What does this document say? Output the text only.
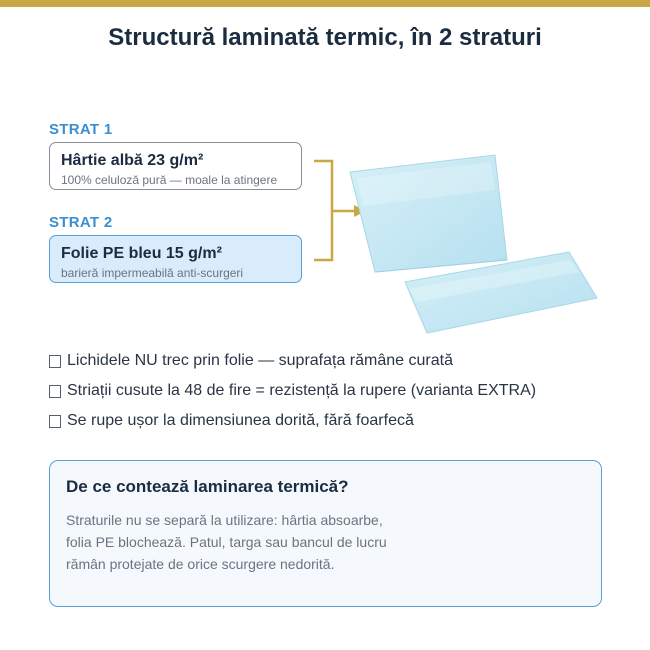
Structură laminată termic, în 2 straturi
STRAT 1
Hârtie albă 23 g/m²
100% celuloză pură — moale la atingere
STRAT 2
Folie PE bleu 15 g/m²
barieră impermeabilă anti-scurgeri
Lichidele NU trec prin folie — suprafața rămâne curată
Striații cusute la 48 de fire = rezistență la rupere (varianta EXTRA)
Se rupe ușor la dimensiunea dorită, fără foarfecă
De ce contează laminarea termică?
Straturile nu se separă la utilizare: hârtia absoarbe,
folia PE blochează. Patul, targa sau bancul de lucru
rămân protejate de orice scurgere nedorită.
